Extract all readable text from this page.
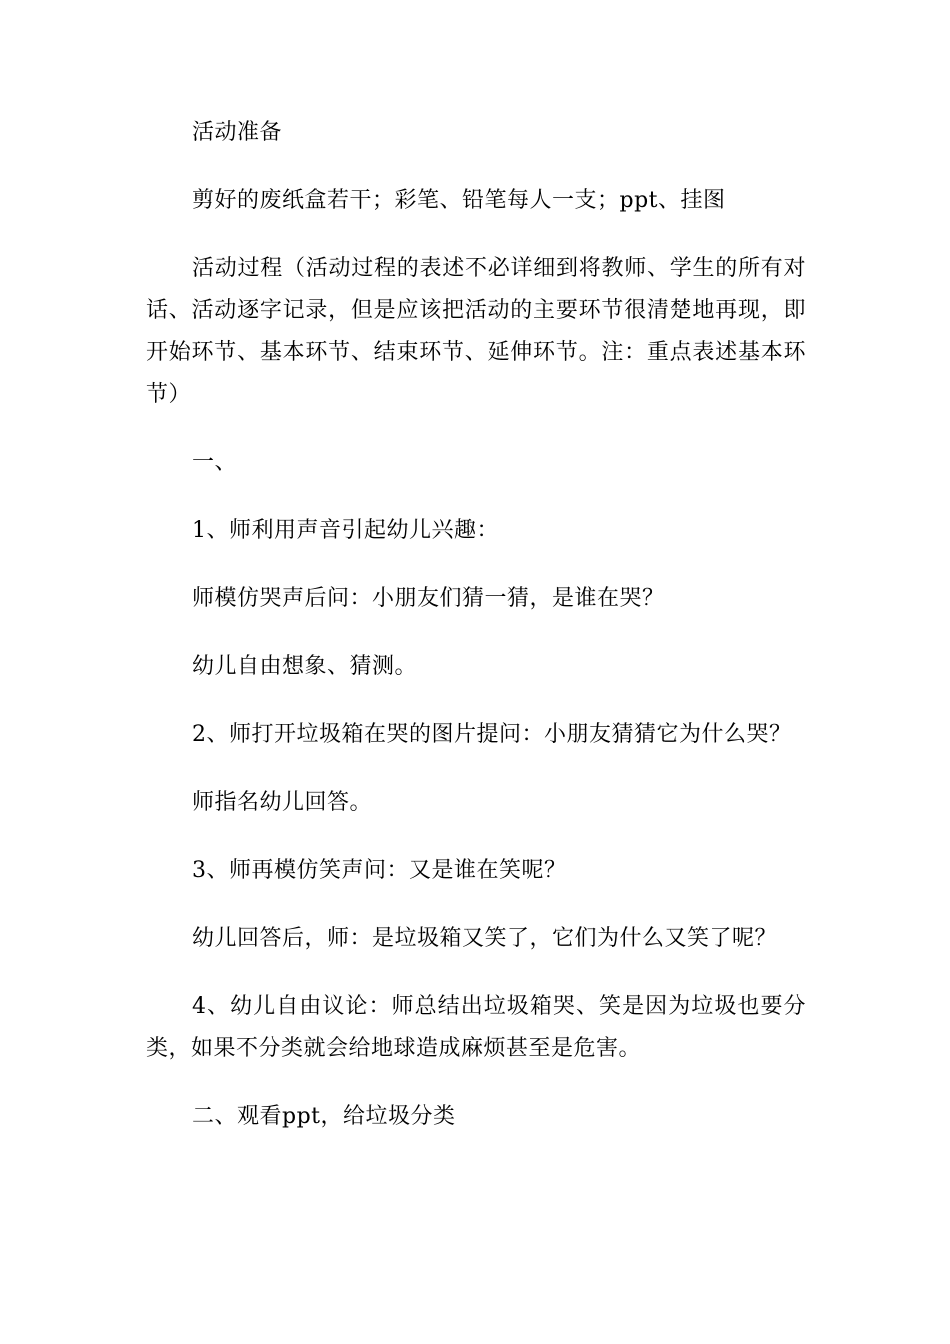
活动准备

剪好的废纸盒若干；彩笔、铅笔每人一支；ppt、挂图

活动过程（活动过程的表述不必详细到将教师、学生的所有对话、活动逐字记录，但是应该把活动的主要环节很清楚地再现，即开始环节、基本环节、结束环节、延伸环节。注：重点表述基本环节）

一、

1、师利用声音引起幼儿兴趣：

师模仿哭声后问：小朋友们猜一猜，是谁在哭？

幼儿自由想象、猜测。

2、师打开垃圾箱在哭的图片提问：小朋友猜猜它为什么哭？

师指名幼儿回答。

3、师再模仿笑声问：又是谁在笑呢？

幼儿回答后，师：是垃圾箱又笑了，它们为什么又笑了呢？

4、幼儿自由议论：师总结出垃圾箱哭、笑是因为垃圾也要分类，如果不分类就会给地球造成麻烦甚至是危害。

二、观看ppt，给垃圾分类
